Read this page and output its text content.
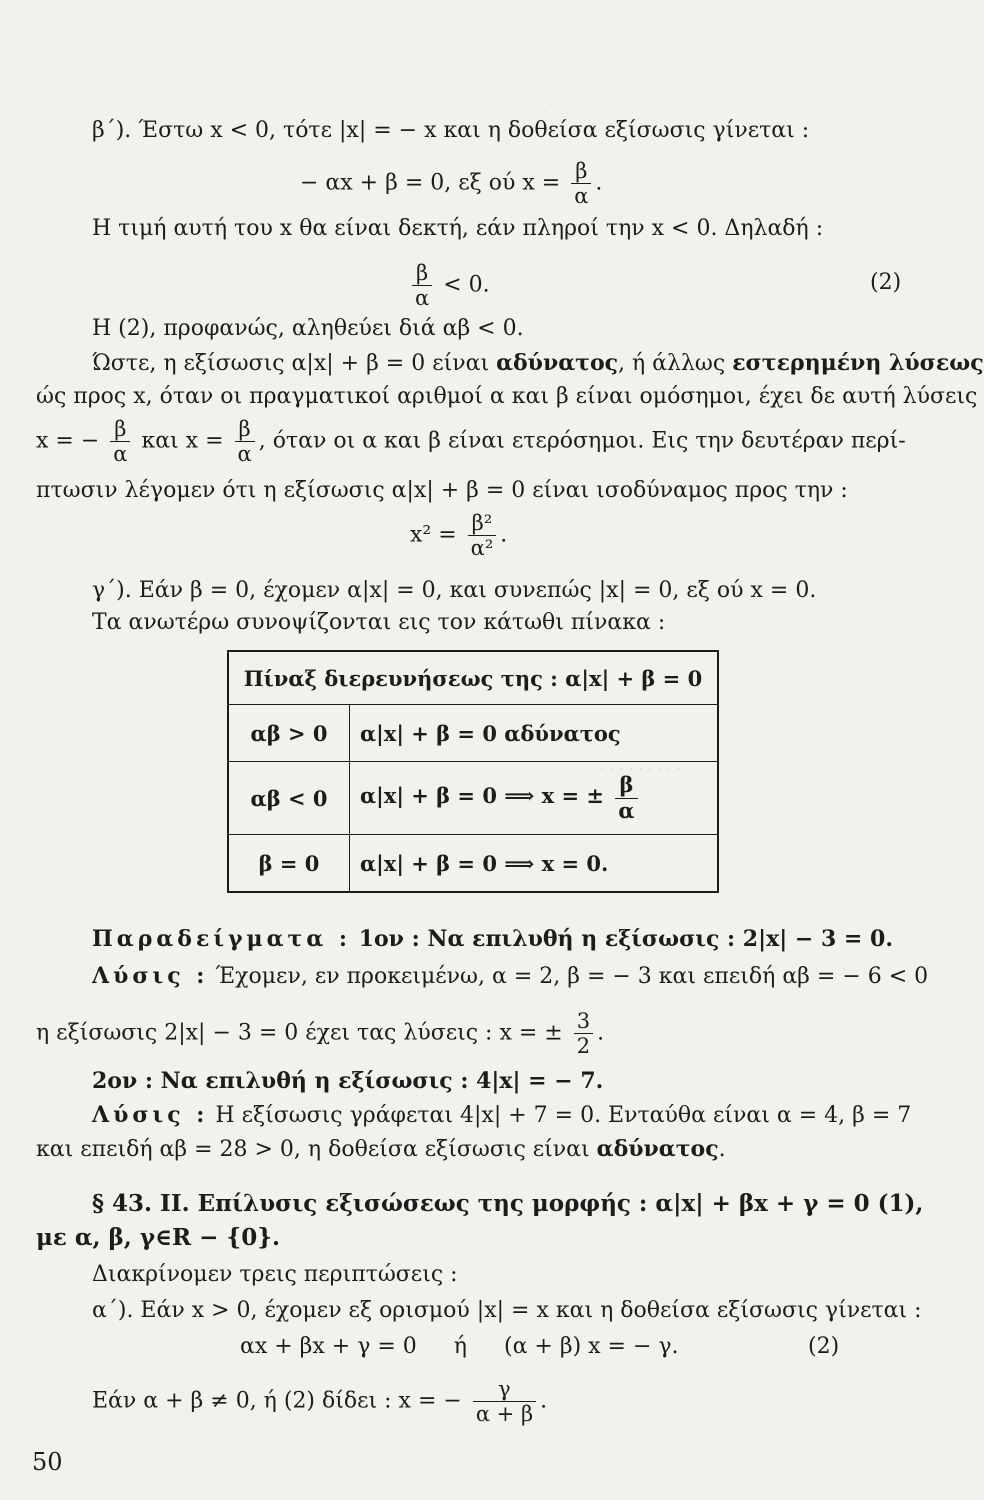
· · · · · · · · · · ·
· · · · · · · · ·
β΄). Έστω x < 0, τότε |x| = − x και η δοθείσα εξίσωσις γίνεται :
− αx + β = 0, εξ ού $x = \frac{\beta}{\alpha}$ .
Η τιμή αυτή του x θα είναι δεκτή, εάν πληροί την x < 0. Δηλαδή :
$\frac{\beta}{\alpha} < 0$.	(2)
Η (2), προφανώς, αληθεύει διά αβ < 0.
Ώστε, η εξίσωσις α|x| + β = 0 είναι αδύνατος, ή άλλως εστερημένη λύσεως
ώς προς x, όταν οι πραγματικοί αριθμοί α και β είναι ομόσημοι, έχει δε αυτή λύσεις
x = − $\frac{\beta}{\alpha}$ και $x = \frac{\beta}{\alpha}$ , όταν οι α και β είναι ετερόσημοι. Εις την δευτέραν περί-
πτωσιν λέγομεν ότι η εξίσωσις α|x| + β = 0 είναι ισοδύναμος προς την :
$x^2 = \frac{\text{β²}}{\text{α²}}$ .
γ΄). Εάν β = 0, έχομεν α|x| = 0, και συνεπώς |x| = 0, εξ ού x = 0.
Τα ανωτέρω συνοψίζονται εις τον κάτωθι πίνακα :
Πίναξ διερευνήσεως της : α|x| + β = 0	
αβ > 0	α|x| + β = 0 αδύνατος
αβ < 0	α|x| + β = 0 ⟹ x = ± $\frac{\beta}{\alpha}$

β = 0	α|x| + β = 0 ⟹ x = 0.
Παραδείγματα : 1ον : Να επιλυθή η εξίσωσις : 2|x| − 3 = 0.
Λύσις : Έχομεν, εν προκειμένω, α = 2, β = − 3 και επειδή αβ = − 6 < 0
η εξίσωσις 2|x| − 3 = 0 έχει τας λύσεις : x = ± $\frac{3}{2}$ .
2ον : Να επιλυθή η εξίσωσις : 4|x| = − 7.
Λύσις : Η εξίσωσις γράφεται 4|x| + 7 = 0. Ενταύθα είναι α = 4, β = 7
και επειδή αβ = 28 > 0, η δοθείσα εξίσωσις είναι αδύνατος.
§ 43. ΙΙ. Επίλυσις εξισώσεως της μορφής : α|x| + βx + γ = 0 (1),
με α, β, γ∈R − {0}.
Διακρίνομεν τρεις περιπτώσεις :
α΄). Εάν x > 0, έχομεν εξ ορισμού |x| = x και η δοθείσα εξίσωσις γίνεται :
αx + βx + γ = 0 ή (α + β) x = − γ.	(2)
Εάν α + β ≠ 0, ή (2) δίδει : x = − $\frac{\gamma}{\alpha + \beta}$ .
50
